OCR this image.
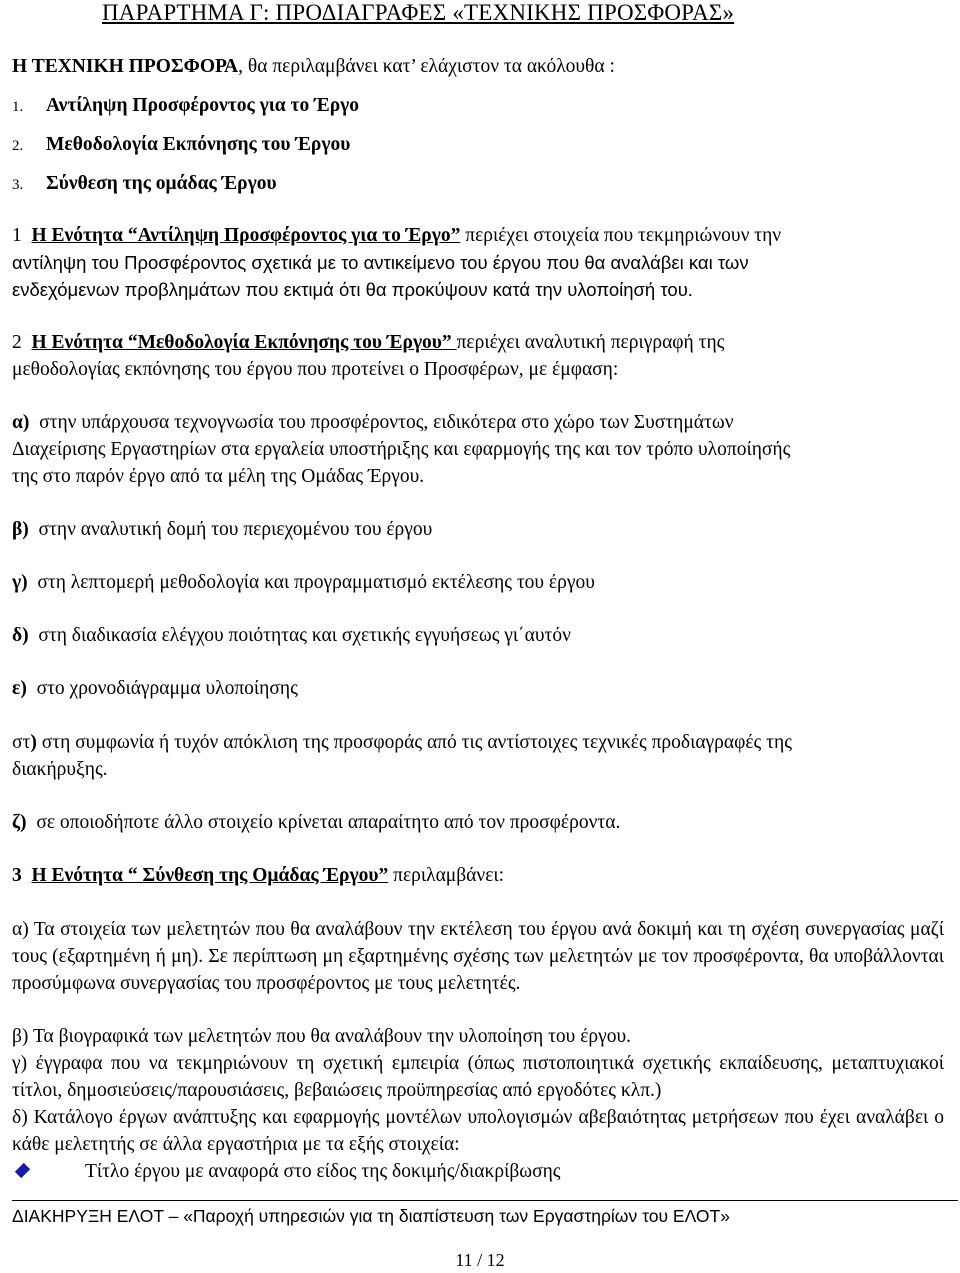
ΠΑΡΑΡΤΗΜΑ Γ: ΠΡΟΔΙΑΓΡΑΦΕΣ «ΤΕΧΝΙΚΗΣ ΠΡΟΣΦΟΡΑΣ»
Η ΤΕΧΝΙΚΗ ΠΡΟΣΦΟΡΑ, θα περιλαμβάνει κατ’ ελάχιστον τα ακόλουθα :
1. Αντίληψη Προσφέροντος για το Έργο
2. Μεθοδολογία Εκπόνησης του Έργου
3. Σύνθεση της ομάδας Έργου
1 Η Ενότητα “Αντίληψη Προσφέροντος για το Έργο” περιέχει στοιχεία που τεκμηριώνουν την
αντίληψη του Προσφέροντος σχετικά με το αντικείμενο του έργου που θα αναλάβει και των
ενδεχόμενων προβλημάτων που εκτιμά ότι θα προκύψουν κατά την υλοποίησή του.
2 Η Ενότητα “Μεθοδολογία Εκπόνησης του Έργου” περιέχει αναλυτική περιγραφή της
μεθοδολογίας εκπόνησης του έργου που προτείνει ο Προσφέρων, με έμφαση:
α) στην υπάρχουσα τεχνογνωσία του προσφέροντος, ειδικότερα στο χώρο των Συστημάτων
Διαχείρισης Εργαστηρίων στα εργαλεία υποστήριξης και εφαρμογής της και τον τρόπο υλοποίησής
της στο παρόν έργο από τα μέλη της Ομάδας Έργου.
β) στην αναλυτική δομή του περιεχομένου του έργου
γ) στη λεπτομερή μεθοδολογία και προγραμματισμό εκτέλεσης του έργου
δ) στη διαδικασία ελέγχου ποιότητας και σχετικής εγγυήσεως γι΄αυτόν
ε) στο χρονοδιάγραμμα υλοποίησης
στ) στη συμφωνία ή τυχόν απόκλιση της προσφοράς από τις αντίστοιχες τεχνικές προδιαγραφές της
διακήρυξης.
ζ) σε οποιοδήποτε άλλο στοιχείο κρίνεται απαραίτητο από τον προσφέροντα.
3 Η Ενότητα “ Σύνθεση της Ομάδας Έργου” περιλαμβάνει:
α) Τα στοιχεία των μελετητών που θα αναλάβουν την εκτέλεση του έργου ανά δοκιμή και τη σχέση συνεργασίας μαζί τους (εξαρτημένη ή μη). Σε περίπτωση μη εξαρτημένης σχέσης των μελετητών με τον προσφέροντα, θα υποβάλλονται προσύμφωνα συνεργασίας του προσφέροντος με τους μελετητές.
β) Τα βιογραφικά των μελετητών που θα αναλάβουν την υλοποίηση του έργου.
γ) έγγραφα που να τεκμηριώνουν τη σχετική εμπειρία (όπως πιστοποιητικά σχετικής εκπαίδευσης, μεταπτυχιακοί τίτλοι, δημοσιεύσεις/παρουσιάσεις, βεβαιώσεις προϋπηρεσίας από εργοδότες κλπ.)
δ) Κατάλογο έργων ανάπτυξης και εφαρμογής μοντέλων υπολογισμών αβεβαιότητας μετρήσεων που έχει αναλάβει ο κάθε μελετητής σε άλλα εργαστήρια με τα εξής στοιχεία:
Τίτλο έργου με αναφορά στο είδος της δοκιμής/διακρίβωσης
ΔΙΑΚΗΡΥΞΗ ΕΛΟΤ – «Παροχή υπηρεσιών για τη διαπίστευση των Εργαστηρίων του ΕΛΟΤ»
11 / 12
